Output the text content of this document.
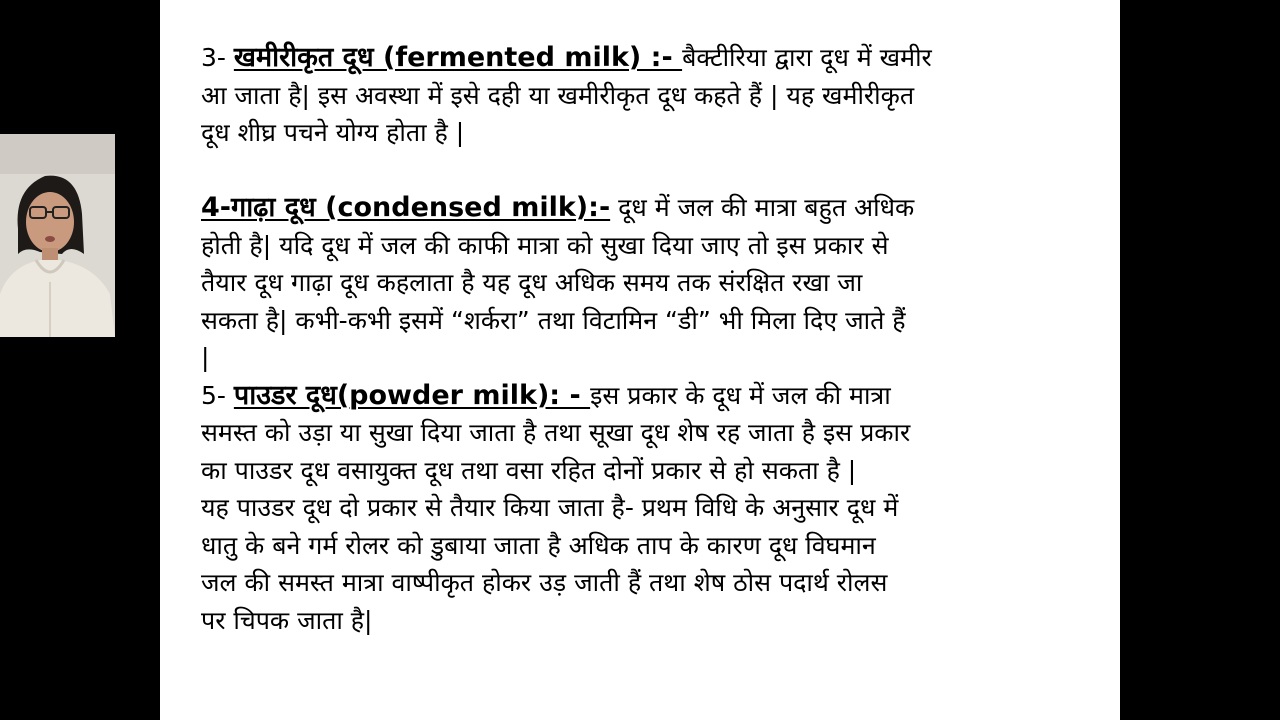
3- खमीरीकृत दूध (fermented milk) :- बैक्टीरिया द्वारा दूध में खमीर
आ जाता है| इस अवस्था में इसे दही या खमीरीकृत दूध कहते हैं | यह खमीरीकृत
दूध शीघ्र पचने योग्य होता है |
4-गाढ़ा दूध (condensed milk):- दूध में जल की मात्रा बहुत अधिक
होती है| यदि दूध में जल की काफी मात्रा को सुखा दिया जाए तो इस प्रकार से
तैयार दूध गाढ़ा दूध कहलाता है यह दूध अधिक समय तक संरक्षित रखा जा
सकता है| कभी-कभी इसमें “शर्करा” तथा विटामिन “डी” भी मिला दिए जाते हैं
|
5- पाउडर दूध(powder milk): - इस प्रकार के दूध में जल की मात्रा
समस्त को उड़ा या सुखा दिया जाता है तथा सूखा दूध शेष रह जाता है इस प्रकार
का पाउडर दूध वसायुक्त दूध तथा वसा रहित दोनों प्रकार से हो सकता है |
यह पाउडर दूध दो प्रकार से तैयार किया जाता है- प्रथम विधि के अनुसार दूध में
धातु के बने गर्म रोलर को डुबाया जाता है अधिक ताप के कारण दूध विघमान
जल की समस्त मात्रा वाष्पीकृत होकर उड़ जाती हैं तथा शेष ठोस पदार्थ रोलस
पर चिपक जाता है|
